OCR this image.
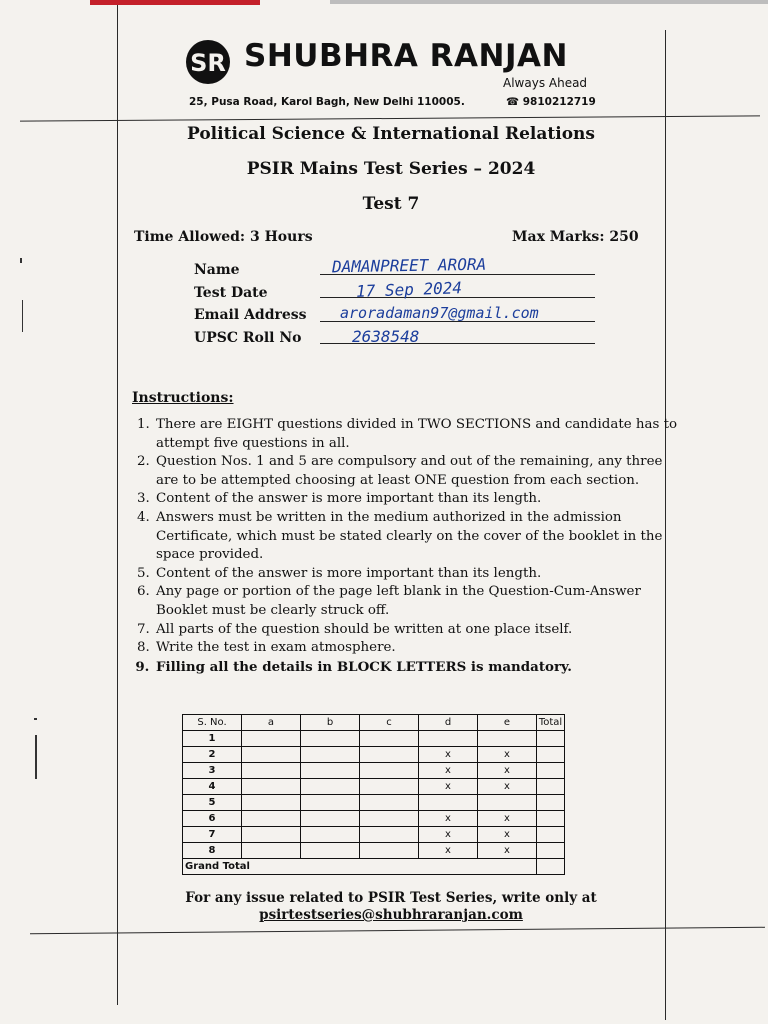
SR SHUBHRA RANJAN
Always Ahead
25, Pusa Road, Karol Bagh, New Delhi 110005.	☎ 9810212719
Political Science & International Relations
PSIR Mains Test Series – 2024
Test 7
Time Allowed: 3 Hours	Max Marks: 250
Name	DAMANPREET ARORA
Test Date	17 Sep 2024
Email Address aroradaman97@gmail.com
UPSC Roll No	2638548
Instructions:
1. There are EIGHT questions divided in TWO SECTIONS and candidate has to attempt five questions in all.
2. Question Nos. 1 and 5 are compulsory and out of the remaining, any three are to be attempted choosing at least ONE question from each section.
3. Content of the answer is more important than its length.
4. Answers must be written in the medium authorized in the admission Certificate, which must be stated clearly on the cover of the booklet in the space provided.
5. Content of the answer is more important than its length.
6. Any page or portion of the page left blank in the Question-Cum-Answer Booklet must be clearly struck off.
7. All parts of the question should be written at one place itself.
8. Write the test in exam atmosphere.
9. Filling all the details in BLOCK LETTERS is mandatory.
S. No.	a	b	c	d	e	Total
1						
2				x	x	
3				x	x	
4				x	x	
5						
6				x	x	
7				x	x	
8				x	x	
Grand Total						
For any issue related to PSIR Test Series, write only at
psirtestseries@shubhraranjan.com
